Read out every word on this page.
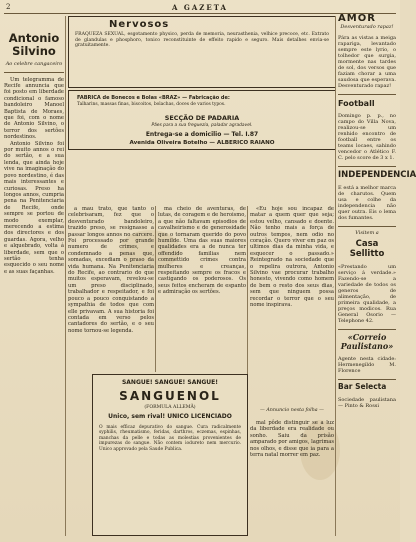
2	A GAZETA
Antonio Silvino
Ao celebre cangaceiro

Um telegramma de Recife annuncia que foi posto em liberdade condicional o famoso bandoleiro Manoel Baptista de Moraes, que foi, com o nome de Antonio Silvino, o terror dos sertões nordestinos.

Antonio Silvino foi por muito annos o rei do sertão, e a sua lenda, que ainda hoje vive na imaginação do povo nordestino, é das mais interessantes e curiosas. Preso ha longos annos, cumpria pena na Penitenciaria de Recife, onde sempre se portou de modo exemplar, merecendo a estima dos directores e dos guardas. Agora, velho e alquebrado, volta á liberdade, sem que o sertão tenha esquecido o seu nome e as suas façanhas.

Nervosos
FRAQUEZA SEXUAL, esgotamento physico, perda de memoria, neurasthenia, velhice precoce, etc. Extrato de glandulas e phosphoro, tonico reconstituinte de effeito rapido e seguro. Mais detalhes envia-se gratuitamente.
FABRICA de Bonecos e Bolas «BRAZ» — Fabricação de:
Talharins, massas finas, biscoitos, bolachas, doces de varios typos.
SECÇÃO DE PADARIA
Pães para a sua freguezia, paladar agradavel.
Entrega-se a domicilio — Tel. I.87
Avenida Oliveira Botelho — ALBERICO RAIANO

a mau trato, que tanto o celebrisaram, fez que o desventurado bandoleiro, trazido preso, se resignasse a passar longos annos no carcere. Foi processado por grande numero de crimes, e condemnado a penas que, somadas, excediam o praso da vida humana. Na Penitenciaria do Recife, ao contrario do que muitos esperavam, revelou-se um preso disciplinado, trabalhador e respeitador, e foi pouco a pouco conquistando a sympathia de todos que com elle privavam. A sua historia foi contada em verso pelos cantadores do sertão, e o seu nome tornou-se legenda.

ma cheio de aventuras, de lutas, de coragem e de heroismo, a que não faltavam episodios de cavalheirismo e de generosidade que o tornaram querido do povo humilde. Uma das suas maiores qualidades era a de nunca ter offendido familias nem commettido crimes contra mulheres e creanças, respeitando sempre os fracos e castigando os poderosos. Os seus feitos encheram de espanto e admiração os sertões.

«Eu hoje sou incapaz de matar a quem quer que seja; estou velho, cansado e doente. Não tenho mais a força de outros tempos, nem odio no coração. Quero viver em paz os ultimos dias da minha vida, e esquecer o passado.» Reintegrado na sociedade que o repelira outrora, Antonio Silvino vae procurar trabalho honesto, vivendo como homem de bem o resto dos seus dias, sem que ninguem possa recordar o terror que o seu nome inspirava.

— Annuncio nesta folha —
SANGUE! SANGUE! SANGUE!
SANGUENOL
(FORMULA ALLEMÃ)
Unico, sem rival! UNICO LICENCIADO
O mais efficaz depurativo do sangue. Cura radicalmente syphilis, rheumatismo, feridas, darthros, eczemas, espinhas, manchas da pelle e todas as molestias provenientes de impurezas do sangue. Não contem iodureto nem mercurio. Unico approvado pela Saude Publica.

mal pôde distinguir se a luz da liberdade era realidade ou sonho. Saiu da prisão amparado por amigos, lagrimas nos olhos, e disse que ia para a terra natal morrer em paz.

AMOR
Desventurado rapaz!

Pára as vistas a meiga rapariga, levantado sempre este lyrio, o tolhedor que surgia, mormente nas tardes de sol, dos versos que faziam chorar a uma saudosa que esperava. Desventurado rapaz!

Football

Domingo p. p., no campo do Villa Nova, realizou-se um renhido encontro de football entre os teams locaes, sahindo vencedor o Atlético F. C. pelo score de 3 x 1.

INDEPENDENCIA

E está a melhor marca de charutos. Quem usa e colhe da independencia não quer outra. Eis o lema dos fumantes.

Visitem a
Casa Sellitto

«Prestando um serviço á verdade.» Fazendo-se a variedade de todos os generos de alimentação, de primeira qualidade, a preços modicos. Rua General Osorio — Telephone 42.

«Correio Paulistano»

Agente nesta cidade: Hermenegildo M. Florence

Bar Selecta

Sociedade paulistana — Pinto & Rossi
